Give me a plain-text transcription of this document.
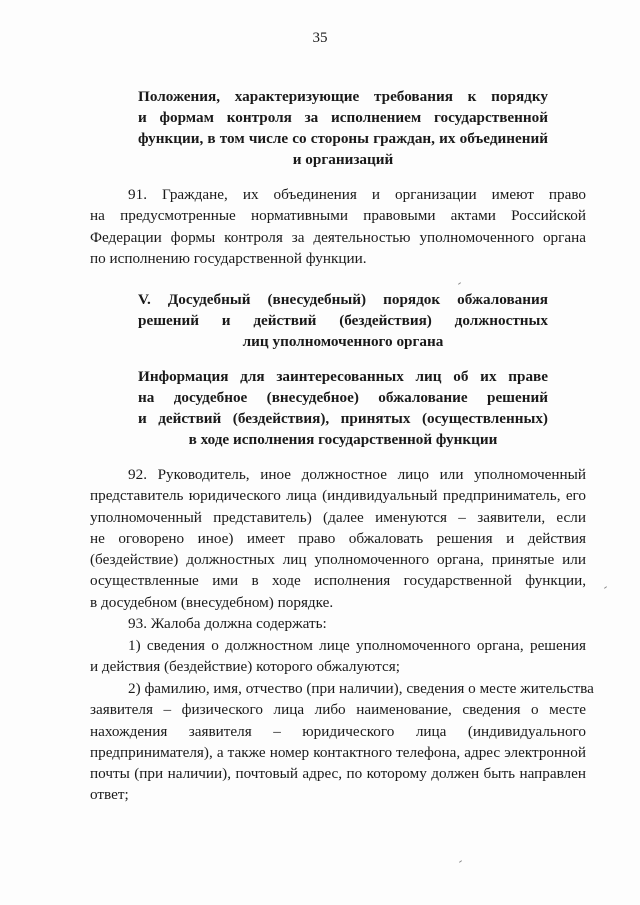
35
Положения, характеризующие требования к порядку
и формам контроля за исполнением государственной
функции, в том числе со стороны граждан, их объединений
и организаций
91. Граждане, их объединения и организации имеют право
на предусмотренные нормативными правовыми актами Российской
Федерации формы контроля за деятельностью уполномоченного органа
по исполнению государственной функции.
V. Досудебный (внесудебный) порядок обжалования
решений и действий (бездействия) должностных
лиц уполномоченного органа
Информация для заинтересованных лиц об их праве
на досудебное (внесудебное) обжалование решений
и действий (бездействия), принятых (осуществленных)
в ходе исполнения государственной функции
92. Руководитель, иное должностное лицо или уполномоченный
представитель юридического лица (индивидуальный предприниматель, его
уполномоченный представитель) (далее именуются – заявители, если
не оговорено иное) имеет право обжаловать решения и действия
(бездействие) должностных лиц уполномоченного органа, принятые или
осуществленные ими в ходе исполнения государственной функции,
в досудебном (внесудебном) порядке.
93. Жалоба должна содержать:
1) сведения о должностном лице уполномоченного органа, решения
и действия (бездействие) которого обжалуются;
2) фамилию, имя, отчество (при наличии), сведения о месте жительства
заявителя – физического лица либо наименование, сведения о месте
нахождения заявителя – юридического лица (индивидуального
предпринимателя), а также номер контактного телефона, адрес электронной
почты (при наличии), почтовый адрес, по которому должен быть направлен
ответ;
